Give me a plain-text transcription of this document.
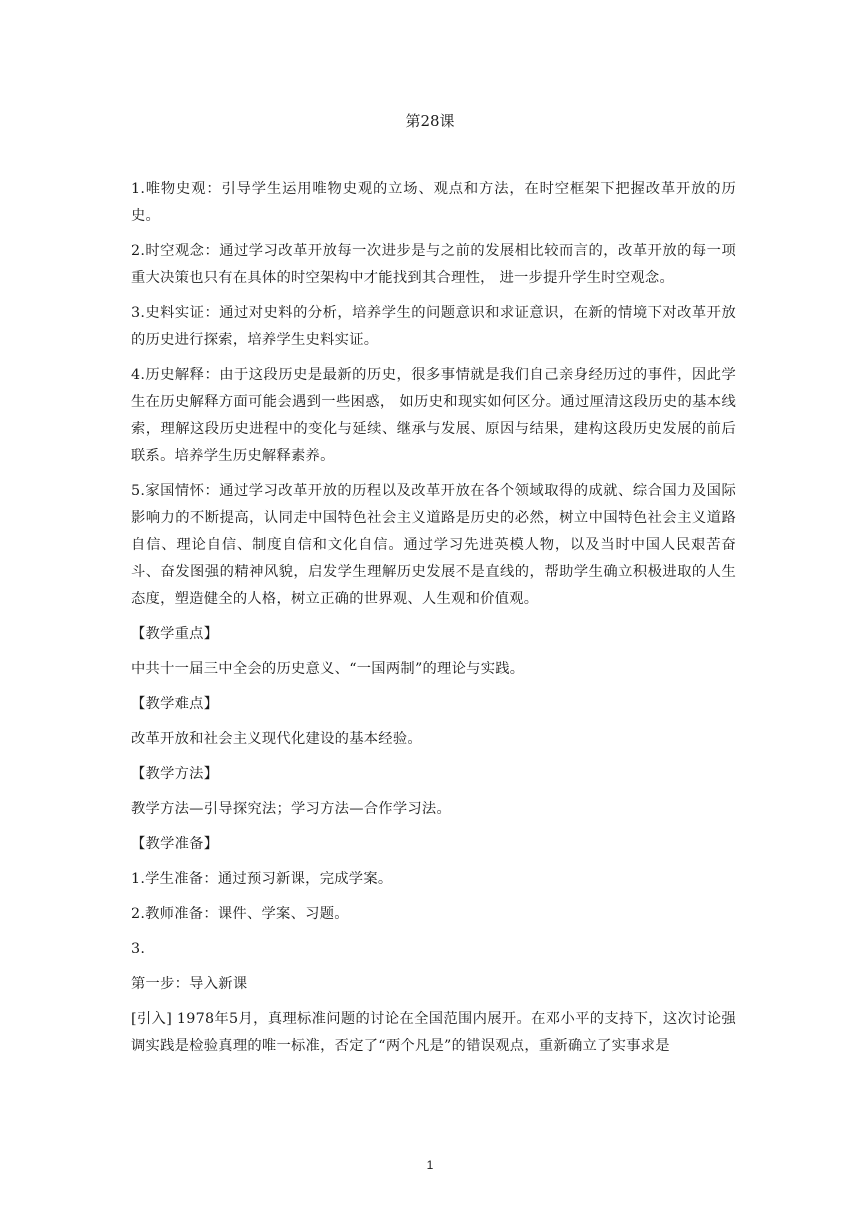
第28课

1.唯物史观：引导学生运用唯物史观的立场、观点和方法，在时空框架下把握改革开放的历史。

2.时空观念：通过学习改革开放每一次进步是与之前的发展相比较而言的，改革开放的每一项重大决策也只有在具体的时空架构中才能找到其合理性， 进一步提升学生时空观念。

3.史料实证：通过对史料的分析，培养学生的问题意识和求证意识，在新的情境下对改革开放的历史进行探索，培养学生史料实证。

4.历史解释：由于这段历史是最新的历史，很多事情就是我们自己亲身经历过的事件，因此学生在历史解释方面可能会遇到一些困惑， 如历史和现实如何区分。通过厘清这段历史的基本线索，理解这段历史进程中的变化与延续、继承与发展、原因与结果，建构这段历史发展的前后联系。培养学生历史解释素养。

5.家国情怀：通过学习改革开放的历程以及改革开放在各个领域取得的成就、综合国力及国际影响力的不断提高，认同走中国特色社会主义道路是历史的必然，树立中国特色社会主义道路自信、理论自信、制度自信和文化自信。通过学习先进英模人物，以及当时中国人民艰苦奋斗、奋发图强的精神风貌，启发学生理解历史发展不是直线的，帮助学生确立积极进取的人生态度，塑造健全的人格，树立正确的世界观、人生观和价值观。

【教学重点】

中共十一届三中全会的历史意义、“一国两制”的理论与实践。

【教学难点】

改革开放和社会主义现代化建设的基本经验。

【教学方法】

教学方法—引导探究法；学习方法—合作学习法。

【教学准备】

1.学生准备：通过预习新课，完成学案。

2.教师准备：课件、学案、习题。

3.

第一步：导入新课

[引入] 1978年5月，真理标准问题的讨论在全国范围内展开。在邓小平的支持下，这次讨论强调实践是检验真理的唯一标准，否定了“两个凡是”的错误观点，重新确立了实事求是

1
